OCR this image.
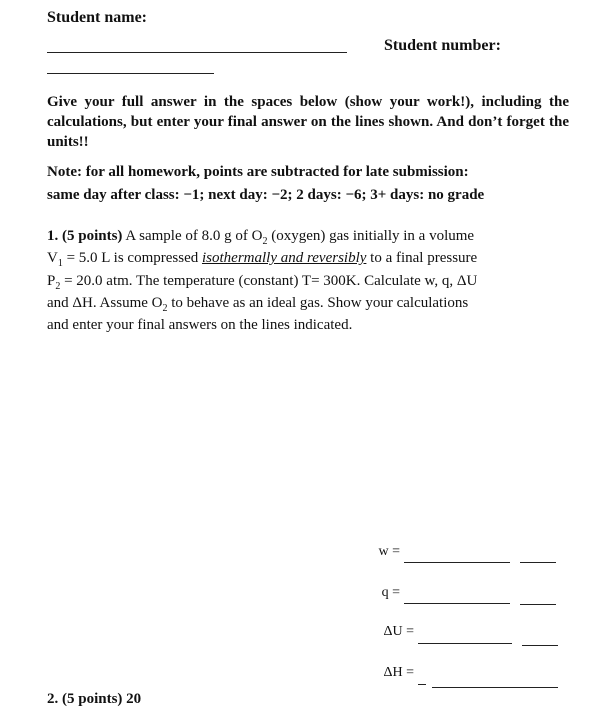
Student name:
Student number:
Give your full answer in the spaces below (show your work!), including the calculations, but enter your final answer on the lines shown. And don’t forget the units!!
Note: for all homework, points are subtracted for late submission:
same day after class: −1; next day: −2; 2 days: −6; 3+ days: no grade
1. (5 points) A sample of 8.0 g of $O_2$ (oxygen) gas initially in a volume
$V_1 = 5.0$ L is compressed isothermally and reversibly to a final pressure
$P_2 = 20.0$ atm. The temperature (constant) T= 300K. Calculate w, q, ΔU
and ΔH. Assume $O_2$ to behave as an ideal gas. Show your calculations
and enter your final answers on the lines indicated.
w =
q =
ΔU =
ΔH =
2. (5 points) 20
